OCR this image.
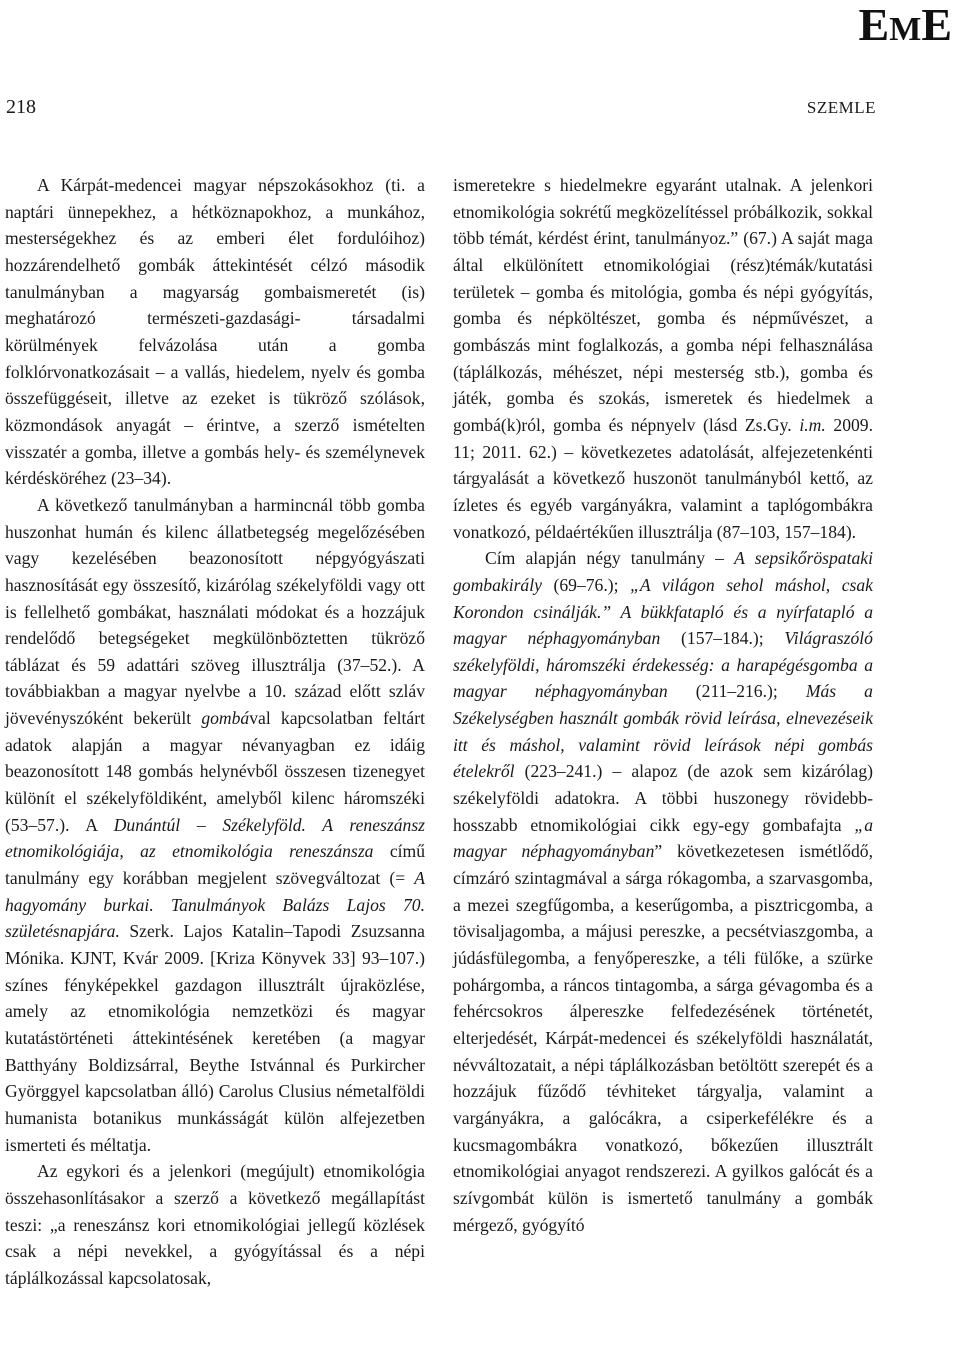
EME
218	SZEMLE

A Kárpát-medencei magyar népszokásokhoz (ti. a naptári ünnepekhez, a hétköznapokhoz, a munkához, mesterségekhez és az emberi élet fordulóihoz) hozzárendelhető gombák áttekintését célzó második tanulmányban a magyarság gombaismeretét (is) meghatározó természeti-gazdasági- társadalmi körülmények felvázolása után a gomba folklórvonatkozásait – a vallás, hiedelem, nyelv és gomba összefüggéseit, illetve az ezeket is tükröző szólások, közmondások anyagát – érintve, a szerző ismételten visszatér a gomba, illetve a gombás hely- és személynevek kérdésköréhez (23–34).

A következő tanulmányban a harmincnál több gomba huszonhat humán és kilenc állatbetegség megelőzésében vagy kezelésében beazonosított népgyógyászati hasznosítását egy összesítő, kizárólag székelyföldi vagy ott is fellelhető gombákat, használati módokat és a hozzájuk rendelődő betegségeket megkülönböztetten tükröző táblázat és 59 adattári szöveg illusztrálja (37–52.). A továbbiakban a magyar nyelvbe a 10. század előtt szláv jövevényszóként bekerült gombával kapcsolatban feltárt adatok alapján a magyar névanyagban ez idáig beazonosított 148 gombás helynévből összesen tizenegyet különít el székelyföldiként, amelyből kilenc háromszéki (53–57.). A Dunántúl – Székelyföld. A reneszánsz etnomikológiája, az etnomikológia reneszánsza című tanulmány egy korábban megjelent szövegváltozat (= A hagyomány burkai. Tanulmányok Balázs Lajos 70. születésnapjára. Szerk. Lajos Katalin–Tapodi Zsuzsanna Mónika. KJNT, Kvár 2009. [Kriza Könyvek 33] 93–107.) színes fényképekkel gazdagon illusztrált újraközlése, amely az etnomikológia nemzetközi és magyar kutatástörténeti áttekintésének keretében (a magyar Batthyány Boldizsárral, Beythe Istvánnal és Purkircher Györggyel kapcsolatban álló) Carolus Clusius németalföldi humanista botanikus munkásságát külön alfejezetben ismerteti és méltatja.

Az egykori és a jelenkori (megújult) etnomikológia összehasonlításakor a szerző a következő megállapítást teszi: „a reneszánsz kori etnomikológiai jellegű közlések csak a népi nevekkel, a gyógyítással és a népi táplálkozással kapcsolatosak,

ismeretekre s hiedelmekre egyaránt utalnak. A jelenkori etnomikológia sokrétű megközelítéssel próbálkozik, sokkal több témát, kérdést érint, tanulmányoz.” (67.) A saját maga által elkülönített etnomikológiai (rész)témák/kutatási területek – gomba és mitológia, gomba és népi gyógyítás, gomba és népköltészet, gomba és népművészet, a gombászás mint foglalkozás, a gomba népi felhasználása (táplálkozás, méhészet, népi mesterség stb.), gomba és játék, gomba és szokás, ismeretek és hiedelmek a gombá(k)ról, gomba és népnyelv (lásd Zs.Gy. i.m. 2009. 11; 2011. 62.) – következetes adatolását, alfejezetenkénti tárgyalását a következő huszonöt tanulmányból kettő, az ízletes és egyéb vargányákra, valamint a taplógombákra vonatkozó, példaértékűen illusztrálja (87–103, 157–184).

Cím alapján négy tanulmány – A sepsikőröspataki gombakirály (69–76.); „A világon sehol máshol, csak Korondon csinálják.” A bükkfatapló és a nyírfatapló a magyar néphagyományban (157–184.); Világraszóló székelyföldi, háromszéki érdekesség: a harapégésgomba a magyar néphagyományban (211–216.); Más a Székelységben használt gombák rövid leírása, elnevezéseik itt és máshol, valamint rövid leírások népi gombás ételekről (223–241.) – alapoz (de azok sem kizárólag) székelyföldi adatokra. A többi huszonegy rövidebb-hosszabb etnomikológiai cikk egy-egy gombafajta „a magyar néphagyományban” következetesen ismétlődő, címzáró szintagmával a sárga rókagomba, a szarvasgomba, a mezei szegfűgomba, a keserűgomba, a pisztricgomba, a tövisaljagomba, a májusi pereszke, a pecsétviaszgomba, a júdásfülegomba, a fenyőpereszke, a téli fülőke, a szürke pohárgomba, a ráncos tintagomba, a sárga gévagomba és a fehércsokros álpereszke felfedezésének történetét, elterjedését, Kárpát-medencei és székelyföldi használatát, névváltozatait, a népi táplálkozásban betöltött szerepét és a hozzájuk fűződő tévhiteket tárgyalja, valamint a vargányákra, a galócákra, a csiperkefélékre és a kucsmagombákra vonatkozó, bőkezűen illusztrált etnomikológiai anyagot rendszerezi. A gyilkos galócát és a szívgombát külön is ismertető tanulmány a gombák mérgező, gyógyító
